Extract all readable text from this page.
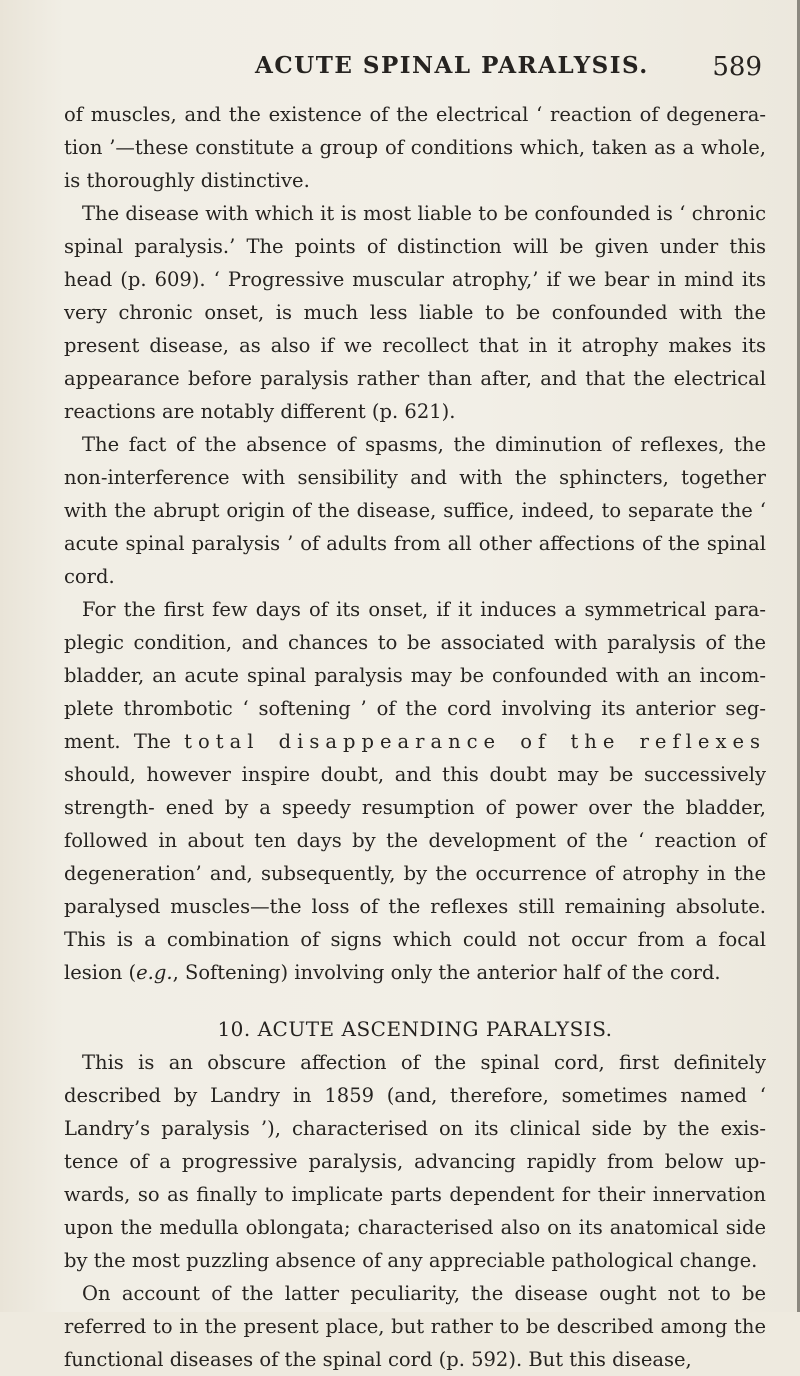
ACUTE SPINAL PARALYSIS. 589

of muscles, and the existence of the electrical ‘ reaction of degenera- tion ’—these constitute a group of conditions which, taken as a whole, is thoroughly distinctive.

The disease with which it is most liable to be confounded is ‘ chronic spinal paralysis.’ The points of distinction will be given under this head (p. 609). ‘ Progressive muscular atrophy,’ if we bear in mind its very chronic onset, is much less liable to be confounded with the present disease, as also if we recollect that in it atrophy makes its appearance before paralysis rather than after, and that the electrical reactions are notably different (p. 621).

The fact of the absence of spasms, the diminution of reflexes, the non-interference with sensibility and with the sphincters, together with the abrupt origin of the disease, suffice, indeed, to separate the ‘ acute spinal paralysis ’ of adults from all other affections of the spinal cord.

For the first few days of its onset, if it induces a symmetrical para- plegic condition, and chances to be associated with paralysis of the bladder, an acute spinal paralysis may be confounded with an incom- plete thrombotic ‘ softening ’ of the cord involving its anterior seg- ment. The total disappearance of the reflexes should, however inspire doubt, and this doubt may be successively strength- ened by a speedy resumption of power over the bladder, followed in about ten days by the development of the ‘ reaction of degeneration’ and, subsequently, by the occurrence of atrophy in the paralysed muscles—the loss of the reflexes still remaining absolute. This is a combination of signs which could not occur from a focal lesion (e.g., Softening) involving only the anterior half of the cord.

10. ACUTE ASCENDING PARALYSIS.

This is an obscure affection of the spinal cord, first definitely described by Landry in 1859 (and, therefore, sometimes named ‘ Landry’s paralysis ’), characterised on its clinical side by the exis- tence of a progressive paralysis, advancing rapidly from below up- wards, so as finally to implicate parts dependent for their innervation upon the medulla oblongata; characterised also on its anatomical side by the most puzzling absence of any appreciable pathological change.

On account of the latter peculiarity, the disease ought not to be referred to in the present place, but rather to be described among the functional diseases of the spinal cord (p. 592). But this disease,
